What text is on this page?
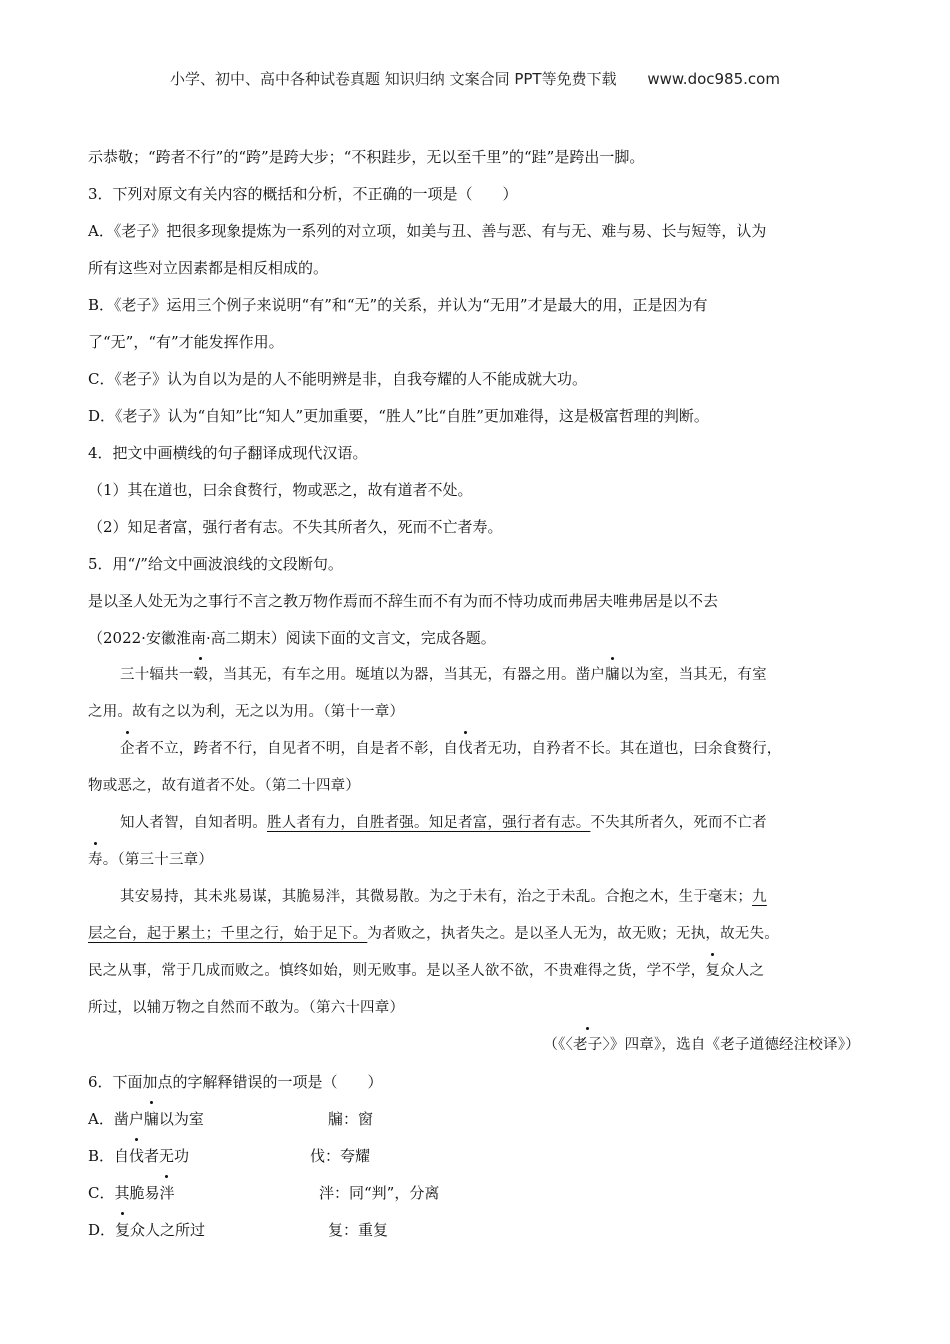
小学、初中、高中各种试卷真题 知识归纳 文案合同 PPT等免费下载 www.doc985.com
示恭敬；“跨者不行”的“跨”是跨大步；“不积跬步，无以至千里”的“跬”是跨出一脚。
3．下列对原文有关内容的概括和分析，不正确的一项是（　　）
A．《老子》把很多现象提炼为一系列的对立项，如美与丑、善与恶、有与无、难与易、长与短等，认为
所有这些对立因素都是相反相成的。
B．《老子》运用三个例子来说明“有”和“无”的关系，并认为“无用”才是最大的用，正是因为有
了“无”，“有”才能发挥作用。
C．《老子》认为自以为是的人不能明辨是非，自我夸耀的人不能成就大功。
D．《老子》认为“自知”比“知人”更加重要，“胜人”比“自胜”更加难得，这是极富哲理的判断。
4．把文中画横线的句子翻译成现代汉语。
（1）其在道也，曰余食赘行，物或恶之，故有道者不处。
（2）知足者富，强行者有志。不失其所者久，死而不亡者寿。
5．用“/”给文中画波浪线的文段断句。
是以圣人处无为之事行不言之教万物作焉而不辞生而不有为而不恃功成而弗居夫唯弗居是以不去
（2022·安徽淮南·高二期末）阅读下面的文言文，完成各题。
三十辐共一毂，当其无，有车之用。埏埴以为器，当其无，有器之用。凿户牖以为室，当其无，有室
之用。故有之以为利，无之以为用。（第十一章）
企者不立，跨者不行，自见者不明，自是者不彰，自伐者无功，自矜者不长。其在道也，曰余食赘行，
物或恶之，故有道者不处。（第二十四章）
知人者智，自知者明。胜人者有力，自胜者强。知足者富，强行者有志。不失其所者久，死而不亡者
寿。（第三十三章）
其安易持，其未兆易谋，其脆易泮，其微易散。为之于未有，治之于未乱。合抱之木，生于毫末；九
层之台，起于累土；千里之行，始于足下。为者败之，执者失之。是以圣人无为，故无败；无执，故无失。
民之从事，常于几成而败之。慎终如始，则无败事。是以圣人欲不欲，不贵难得之货，学不学，复众人之
所过，以辅万物之自然而不敢为。（第六十四章）
（《〈老子〉》四章》，选自《老子道德经注校译》）
6．下面加点的字解释错误的一项是（　　）
A．凿户牖以为室	牖：窗
B．自伐者无功	伐：夸耀
C．其脆易泮	泮：同“判”，分离
D．复众人之所过	复：重复
